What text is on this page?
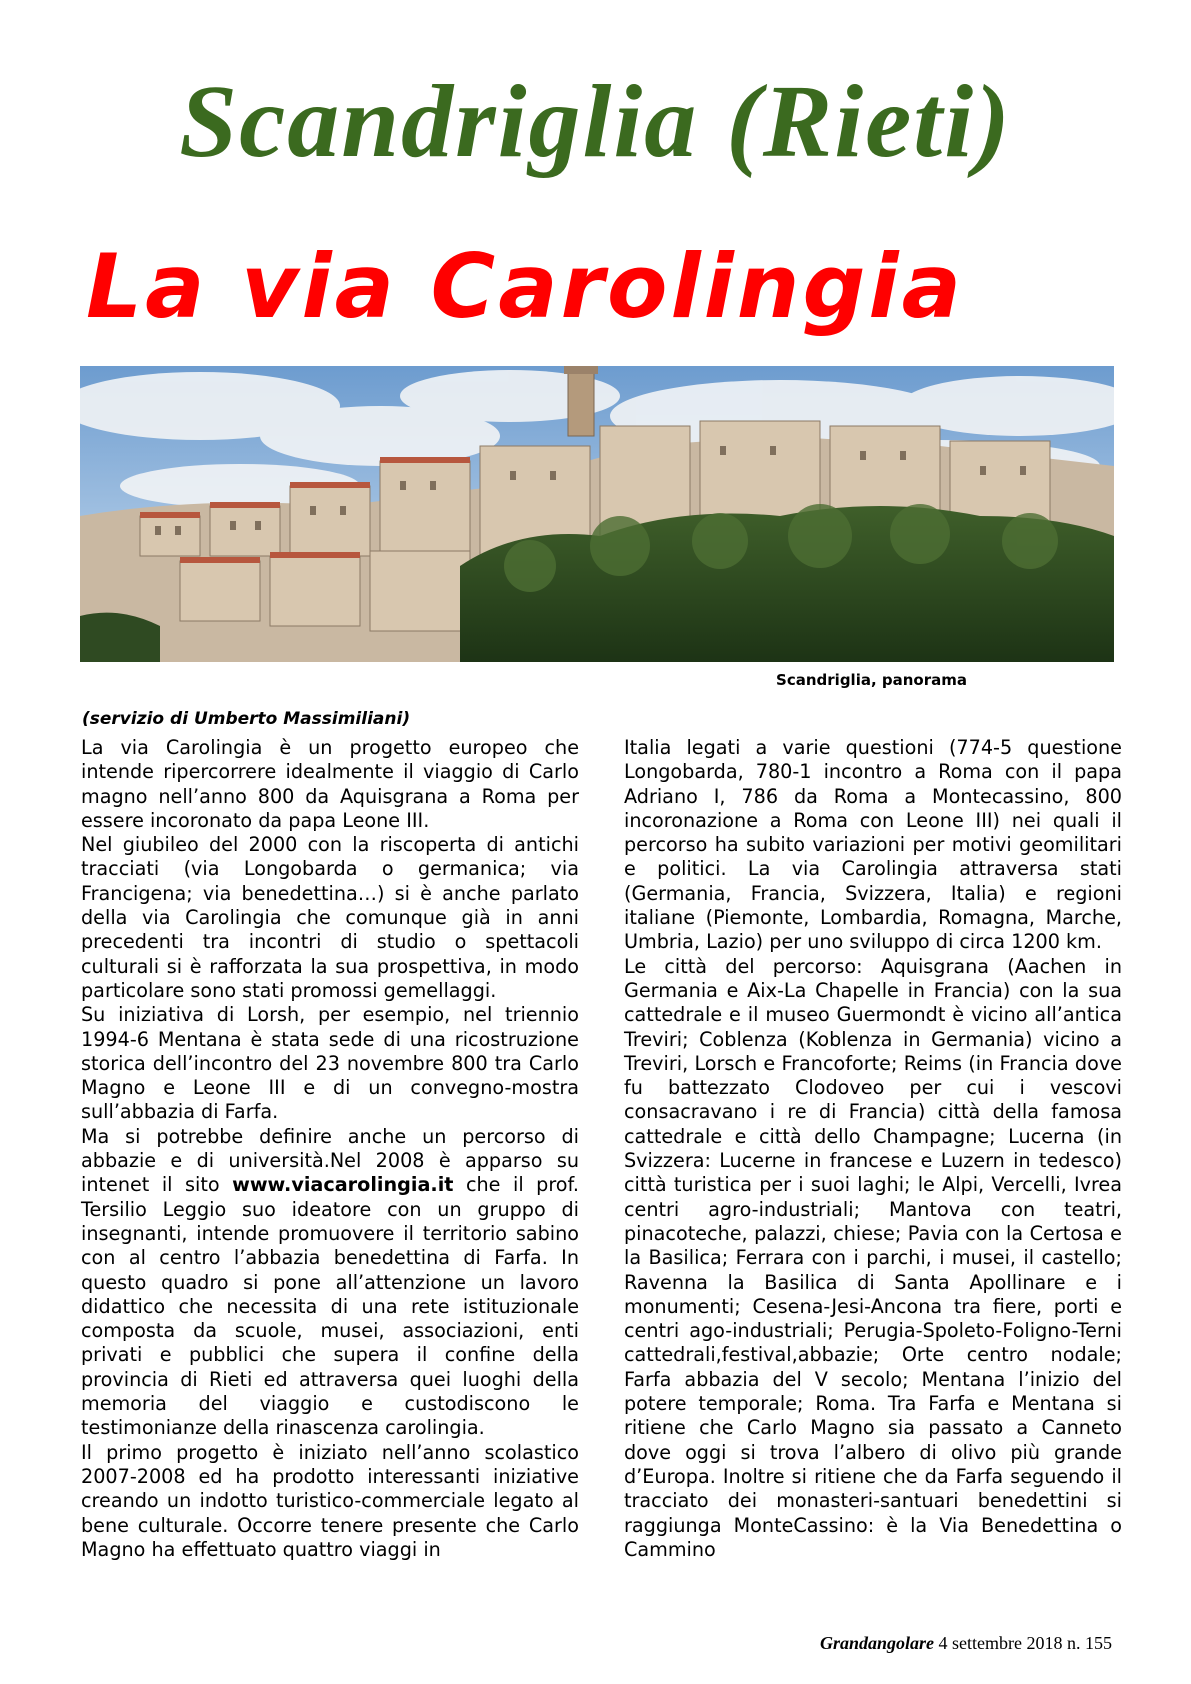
Scandriglia (Rieti)
La via Carolingia
Scandriglia, panorama
(servizio di Umberto Massimiliani)

La via Carolingia è un progetto europeo che intende ripercorrere idealmente il viaggio di Carlo magno nell’anno 800 da Aquisgrana a Roma per essere incoronato da papa Leone III.

Nel giubileo del 2000 con la riscoperta di antichi tracciati (via Longobarda o germanica; via Francigena; via benedettina…) si è anche parlato della via Carolingia che comunque già in anni precedenti tra incontri di studio o spettacoli culturali si è rafforzata la sua prospettiva, in modo particolare sono stati promossi gemellaggi.

Su iniziativa di Lorsh, per esempio, nel triennio 1994-6 Mentana è stata sede di una ricostruzione storica dell’incontro del 23 novembre 800 tra Carlo Magno e Leone III e di un convegno-mostra sull’abbazia di Farfa.

Ma si potrebbe definire anche un percorso di abbazie e di università.Nel 2008 è apparso su intenet il sito www.viacarolingia.it che il prof. Tersilio Leggio suo ideatore con un gruppo di insegnanti, intende promuovere il territorio sabino con al centro l’abbazia benedettina di Farfa. In questo quadro si pone all’attenzione un lavoro didattico che necessita di una rete istituzionale composta da scuole, musei, associazioni, enti privati e pubblici che supera il confine della provincia di Rieti ed attraversa quei luoghi della memoria del viaggio e custodiscono le testimonianze della rinascenza carolingia.

Il primo progetto è iniziato nell’anno scolastico 2007-2008 ed ha prodotto interessanti iniziative creando un indotto turistico-commerciale legato al bene culturale. Occorre tenere presente che Carlo Magno ha effettuato quattro viaggi in

Italia legati a varie questioni (774-5 questione Longobarda, 780-1 incontro a Roma con il papa Adriano I, 786 da Roma a Montecassino, 800 incoronazione a Roma con Leone III) nei quali il percorso ha subito variazioni per motivi geomilitari e politici. La via Carolingia attraversa stati (Germania, Francia, Svizzera, Italia) e regioni italiane (Piemonte, Lombardia, Romagna, Marche, Umbria, Lazio) per uno sviluppo di circa 1200 km.

Le città del percorso: Aquisgrana (Aachen in Germania e Aix-La Chapelle in Francia) con la sua cattedrale e il museo Guermondt è vicino all’antica Treviri; Coblenza (Koblenza in Germania) vicino a Treviri, Lorsch e Francoforte; Reims (in Francia dove fu battezzato Clodoveo per cui i vescovi consacravano i re di Francia) città della famosa cattedrale e città dello Champagne; Lucerna (in Svizzera: Lucerne in francese e Luzern in tedesco) città turistica per i suoi laghi; le Alpi, Vercelli, Ivrea centri agro-industriali; Mantova con teatri, pinacoteche, palazzi, chiese; Pavia con la Certosa e la Basilica; Ferrara con i parchi, i musei, il castello; Ravenna la Basilica di Santa Apollinare e i monumenti; Cesena-Jesi-Ancona tra fiere, porti e centri ago-industriali; Perugia-Spoleto-Foligno-Terni cattedrali,festival,abbazie; Orte centro nodale; Farfa abbazia del V secolo; Mentana l’inizio del potere temporale; Roma. Tra Farfa e Mentana si ritiene che Carlo Magno sia passato a Canneto dove oggi si trova l’albero di olivo più grande d’Europa. Inoltre si ritiene che da Farfa seguendo il tracciato dei monasteri-santuari benedettini si raggiunga MonteCassino: è la Via Benedettina o Cammino

Grandangolare 4 settembre 2018 n. 155
